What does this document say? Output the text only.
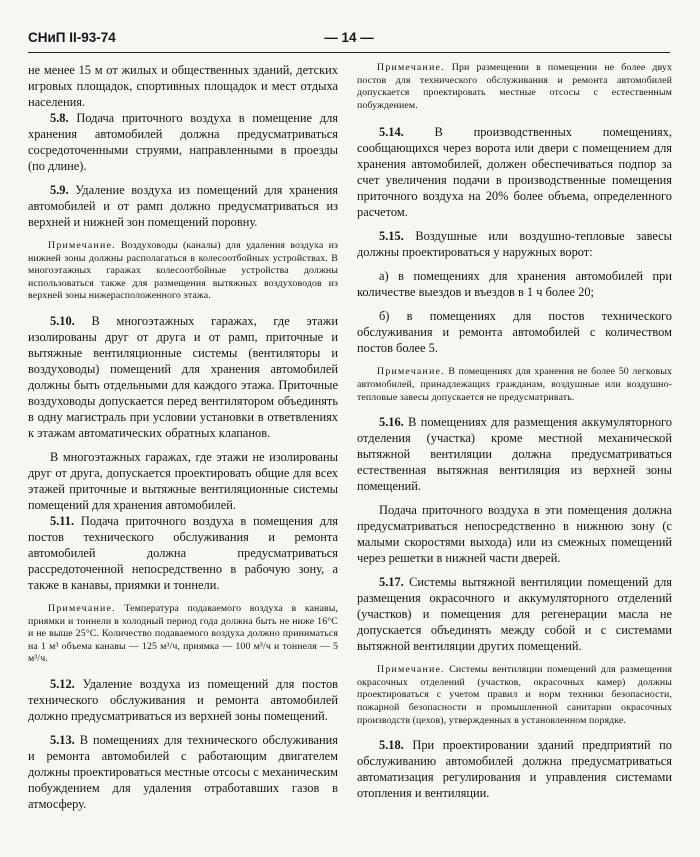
СНиП II-93-74	— 14 —

не менее 15 м от жилых и общественных зданий, детских игровых площадок, спортивных площадок и мест отдыха населения.

5.8. Подача приточного воздуха в помещение для хранения автомобилей должна предусматриваться сосредоточенными струями, направленными в проезды (по длине).

5.9. Удаление воздуха из помещений для хранения автомобилей и от рамп должно предусматриваться из верхней и нижней зон помещений поровну.

Примечание. Воздуховоды (каналы) для удаления воздуха из нижней зоны должны располагаться в колесоотбойных устройствах. В многоэтажных гаражах колесоотбойные устройства должны использоваться также для размещения вытяжных воздуховодов из верхней зоны нижерасположенного этажа.

5.10. В многоэтажных гаражах, где этажи изолированы друг от друга и от рамп, приточные и вытяжные вентиляционные системы (вентиляторы и воздуховоды) помещений для хранения автомобилей должны быть отдельными для каждого этажа. Приточные воздуховоды допускается перед вентилятором объединять в одну магистраль при условии установки в ответвлениях к этажам автоматических обратных клапанов.

В многоэтажных гаражах, где этажи не изолированы друг от друга, допускается проектировать общие для всех этажей приточные и вытяжные вентиляционные системы помещений для хранения автомобилей.

5.11. Подача приточного воздуха в помещения для постов технического обслуживания и ремонта автомобилей должна предусматриваться рассредоточенной непосредственно в рабочую зону, а также в канавы, приямки и тоннели.

Примечание. Температура подаваемого воздуха в канавы, приямки и тоннели в холодный период года должна быть не ниже 16°C и не выше 25°C. Количество подаваемого воздуха должно приниматься на 1 м³ объема канавы — 125 м³/ч, приямка — 100 м³/ч и тоннеля — 5 м³/ч.

5.12. Удаление воздуха из помещений для постов технического обслуживания и ремонта автомобилей должно предусматриваться из верхней зоны помещений.

5.13. В помещениях для технического обслуживания и ремонта автомобилей с работающим двигателем должны проектироваться местные отсосы с механическим побуждением для удаления отработавших газов в атмосферу.

Примечание. При размещении в помещении не более двух постов для технического обслуживания и ремонта автомобилей допускается проектировать местные отсосы с естественным побуждением.

5.14. В производственных помещениях, сообщающихся через ворота или двери с помещением для хранения автомобилей, должен обеспечиваться подпор за счет увеличения подачи в производственные помещения приточного воздуха на 20% более объема, определенного расчетом.

5.15. Воздушные или воздушно-тепловые завесы должны проектироваться у наружных ворот:

а) в помещениях для хранения автомобилей при количестве выездов и въездов в 1 ч более 20;

б) в помещениях для постов технического обслуживания и ремонта автомобилей с количеством постов более 5.

Примечание. В помещениях для хранения не более 50 легковых автомобилей, принадлежащих гражданам, воздушные или воздушно-тепловые завесы допускается не предусматривать.

5.16. В помещениях для размещения аккумуляторного отделения (участка) кроме местной механической вытяжной вентиляции должна предусматриваться естественная вытяжная вентиляция из верхней зоны помещений.

Подача приточного воздуха в эти помещения должна предусматриваться непосредственно в нижнюю зону (с малыми скоростями выхода) или из смежных помещений через решетки в нижней части дверей.

5.17. Системы вытяжной вентиляции помещений для размещения окрасочного и аккумуляторного отделений (участков) и помещения для регенерации масла не допускается объединять между собой и с системами вытяжной вентиляции других помещений.

Примечание. Системы вентиляции помещений для размещения окрасочных отделений (участков, окрасочных камер) должны проектироваться с учетом правил и норм техники безопасности, пожарной безопасности и промышленной санитарии окрасочных производств (цехов), утвержденных в установленном порядке.

5.18. При проектировании зданий предприятий по обслуживанию автомобилей должна предусматриваться автоматизация регулирования и управления системами отопления и вентиляции.
